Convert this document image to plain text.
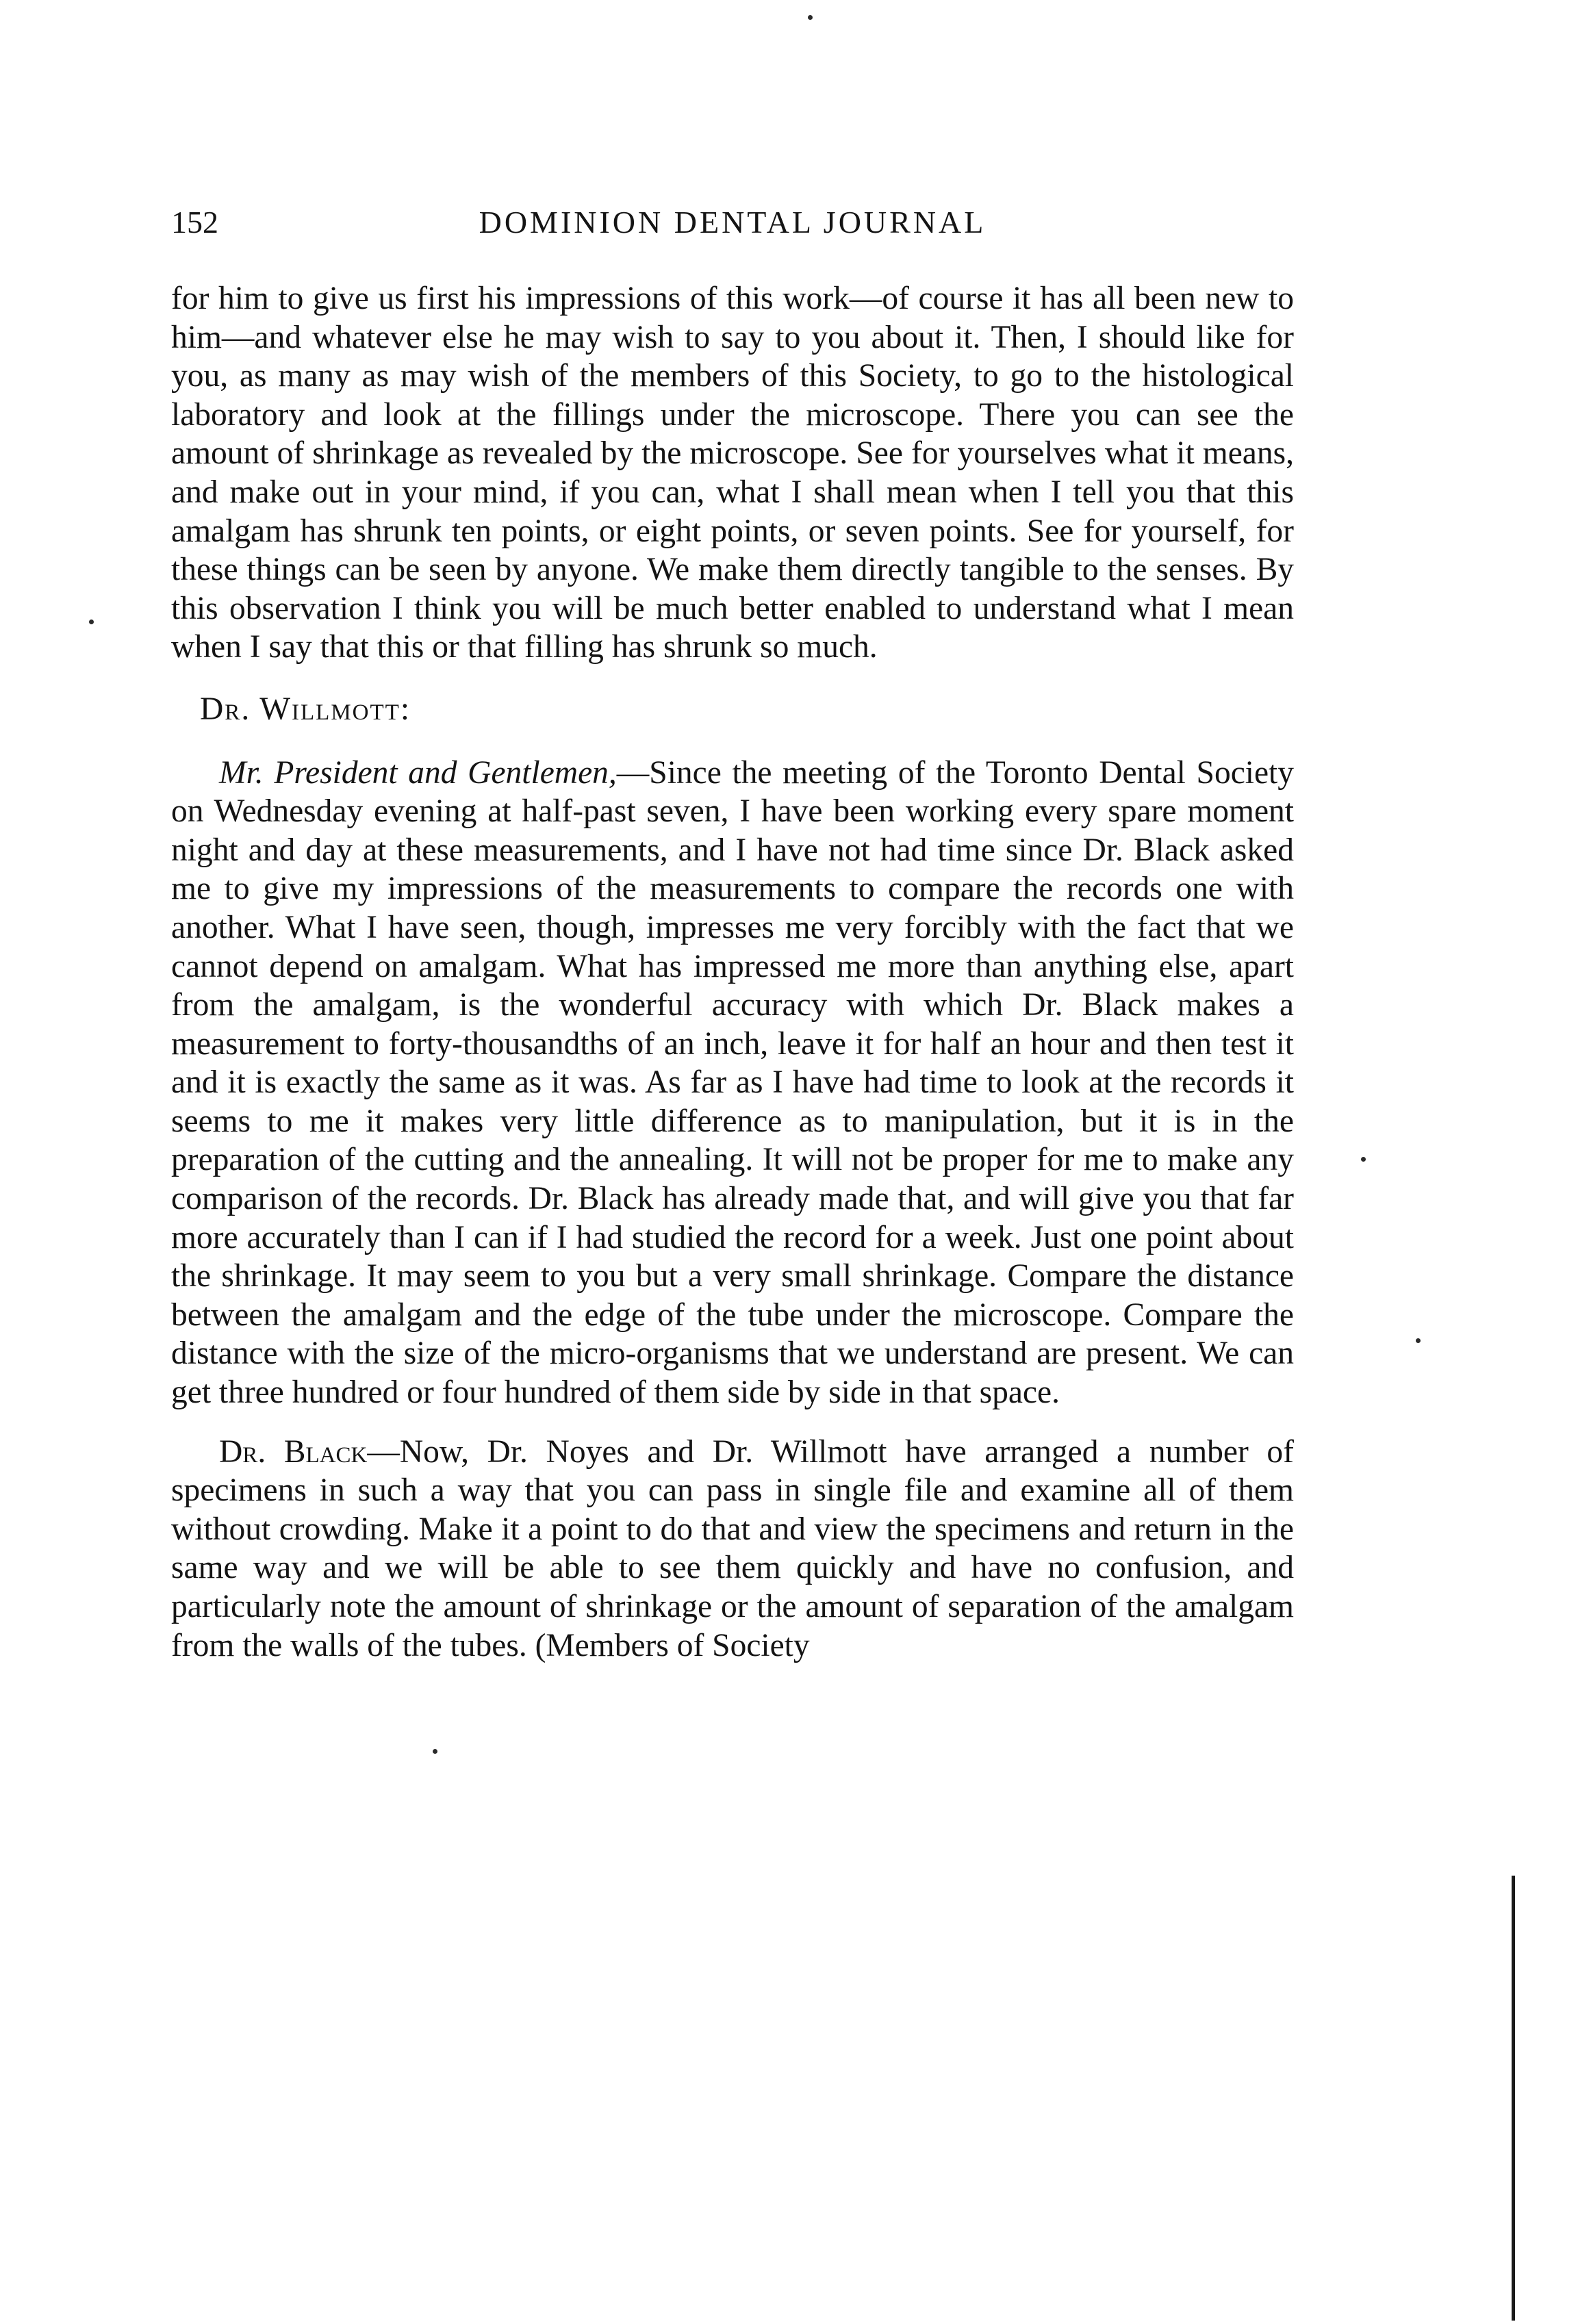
152	DOMINION DENTAL JOURNAL

for him to give us first his impressions of this work—of course it has all been new to him—and whatever else he may wish to say to you about it. Then, I should like for you, as many as may wish of the members of this Society, to go to the histological laboratory and look at the fillings under the microscope. There you can see the amount of shrinkage as revealed by the microscope. See for yourselves what it means, and make out in your mind, if you can, what I shall mean when I tell you that this amalgam has shrunk ten points, or eight points, or seven points. See for yourself, for these things can be seen by anyone. We make them directly tangible to the senses. By this observation I think you will be much better enabled to understand what I mean when I say that this or that filling has shrunk so much.

Dr. Willmott:

Mr. President and Gentlemen,—Since the meeting of the Toronto Dental Society on Wednesday evening at half-past seven, I have been working every spare moment night and day at these measurements, and I have not had time since Dr. Black asked me to give my impressions of the measurements to compare the records one with another. What I have seen, though, impresses me very forcibly with the fact that we cannot depend on amalgam. What has impressed me more than anything else, apart from the amalgam, is the wonderful accuracy with which Dr. Black makes a measurement to forty-thousandths of an inch, leave it for half an hour and then test it and it is exactly the same as it was. As far as I have had time to look at the records it seems to me it makes very little difference as to manipulation, but it is in the preparation of the cutting and the annealing. It will not be proper for me to make any comparison of the records. Dr. Black has already made that, and will give you that far more accurately than I can if I had studied the record for a week. Just one point about the shrinkage. It may seem to you but a very small shrinkage. Compare the distance between the amalgam and the edge of the tube under the microscope. Compare the distance with the size of the micro-organisms that we understand are present. We can get three hundred or four hundred of them side by side in that space.

Dr. Black—Now, Dr. Noyes and Dr. Willmott have arranged a number of specimens in such a way that you can pass in single file and examine all of them without crowding. Make it a point to do that and view the specimens and return in the same way and we will be able to see them quickly and have no confusion, and particularly note the amount of shrinkage or the amount of separation of the amalgam from the walls of the tubes. (Members of Society
